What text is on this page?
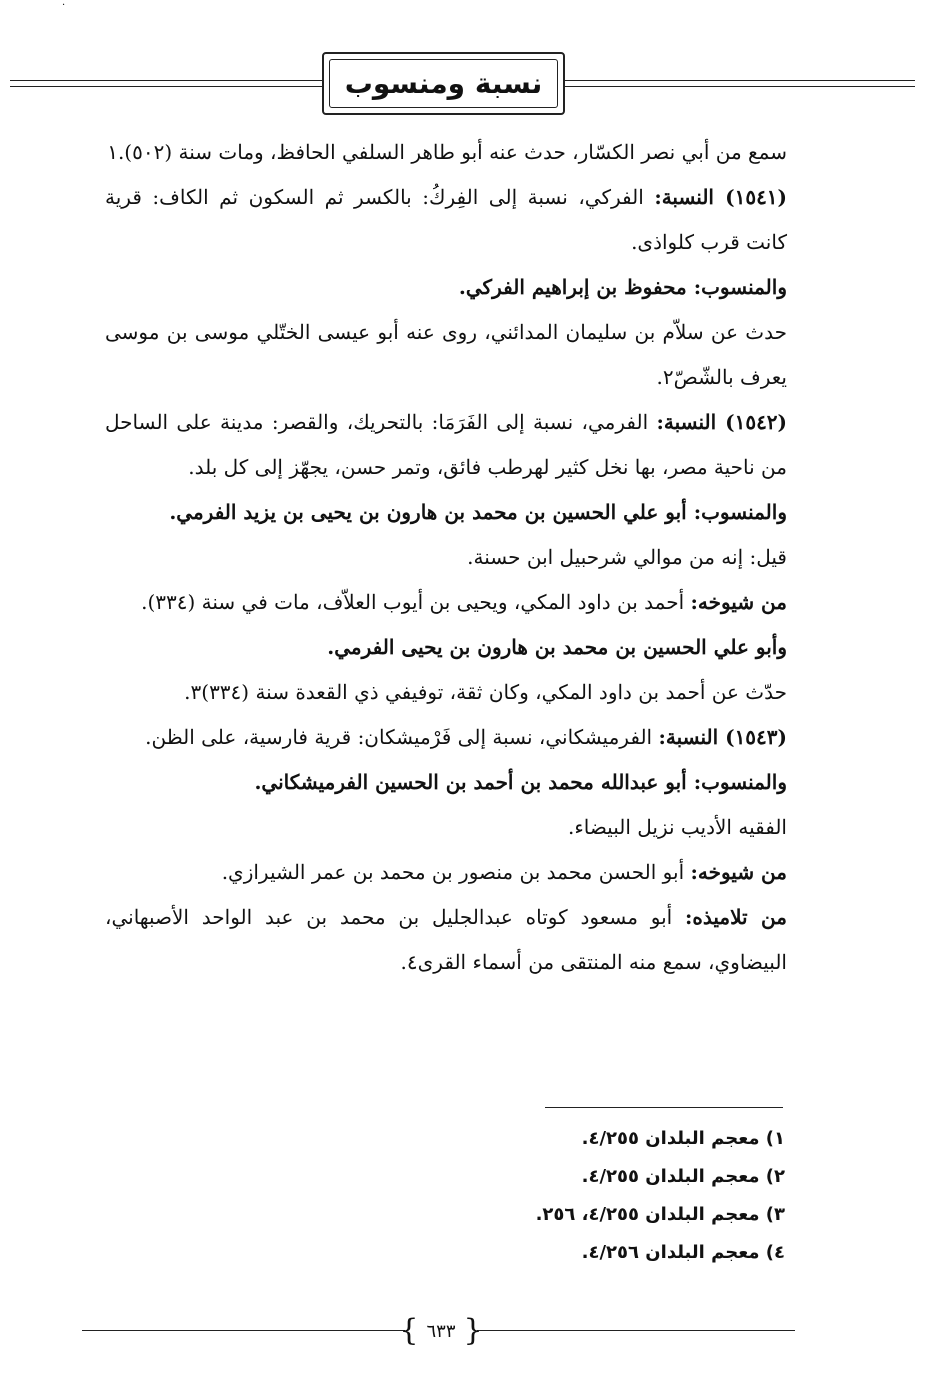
·
نسبة ومنسوب

سمع من أبي نصر الكسّار، حدث عنه أبو طاهر السلفي الحافظ، ومات سنة (٥٠٢).١

(١٥٤١) النسبة: الفركي، نسبة إلى الفِركُ: بالكسر ثم السكون ثم الكاف: قرية كانت قرب كلواذى.

والمنسوب: محفوظ بن إبراهيم الفركي.

حدث عن سلاّم بن سليمان المدائني، روى عنه أبو عيسى الختّلي موسى بن موسى يعرف بالشّصّ٢.

(١٥٤٢) النسبة: الفرمي، نسبة إلى الفَرَمَا: بالتحريك، والقصر: مدينة على الساحل من ناحية مصر، بها نخل كثير لهرطب فائق، وتمر حسن، يجهّز إلى كل بلد.

والمنسوب: أبو علي الحسين بن محمد بن هارون بن يحيى بن يزيد الفرمي.

قيل: إنه من موالي شرحبيل ابن حسنة.

من شيوخه: أحمد بن داود المكي، ويحيى بن أيوب العلاّف، مات في سنة (٣٣٤).

وأبو علي الحسين بن محمد بن هارون بن يحيى الفرمي.

حدّث عن أحمد بن داود المكي، وكان ثقة، توفيفي ذي القعدة سنة (٣٣٤)٣.

(١٥٤٣) النسبة: الفرميشكاني، نسبة إلى فَرْميشكان: قرية فارسية، على الظن.

والمنسوب: أبو عبدالله محمد بن أحمد بن الحسين الفرميشكاني.

الفقيه الأديب نزيل البيضاء.

من شيوخه: أبو الحسن محمد بن منصور بن محمد بن عمر الشيرازي.

من تلاميذه: أبو مسعود كوتاه عبدالجليل بن محمد بن عبد الواحد الأصبهاني، البيضاوي، سمع منه المنتقى من أسماء القرى٤.

١) معجم البلدان ٤/٢٥٥.

٢) معجم البلدان ٤/٢٥٥.

٣) معجم البلدان ٤/٢٥٥، ٢٥٦.

٤) معجم البلدان ٤/٢٥٦.

{ ٦٣٣ }
